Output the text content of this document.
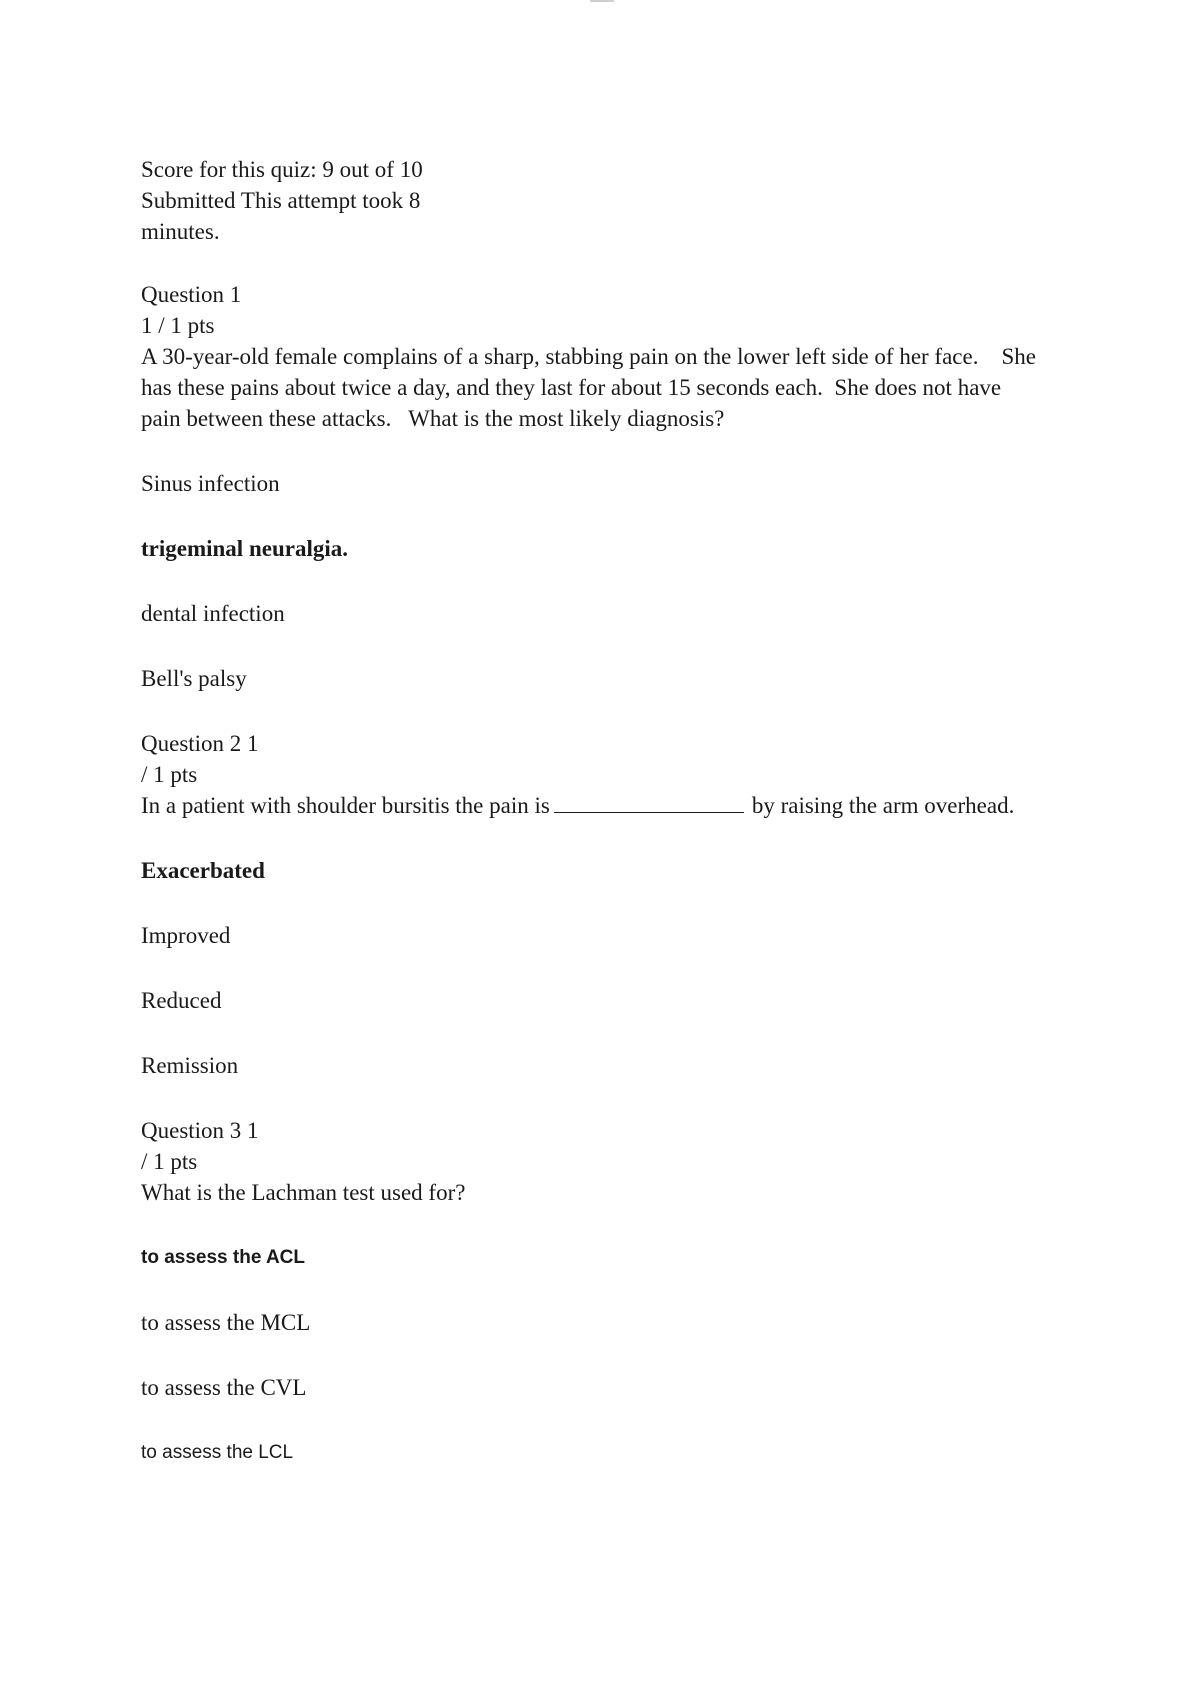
Score for this quiz: 9 out of 10

Submitted This attempt took 8

minutes.

Question 1

1 / 1 pts

A 30-year-old female complains of a sharp, stabbing pain on the lower left side of her face.    She

has these pains about twice a day, and they last for about 15 seconds each.  She does not have

pain between these attacks.   What is the most likely diagnosis?

Sinus infection

trigeminal neuralgia.

dental infection

Bell's palsy

Question 2 1

/ 1 pts

In a patient with shoulder bursitis the pain is	by raising the arm overhead.

Exacerbated

Improved

Reduced

Remission

Question 3 1

/ 1 pts

What is the Lachman test used for?

to assess the ACL

to assess the MCL

to assess the CVL

to assess the LCL
